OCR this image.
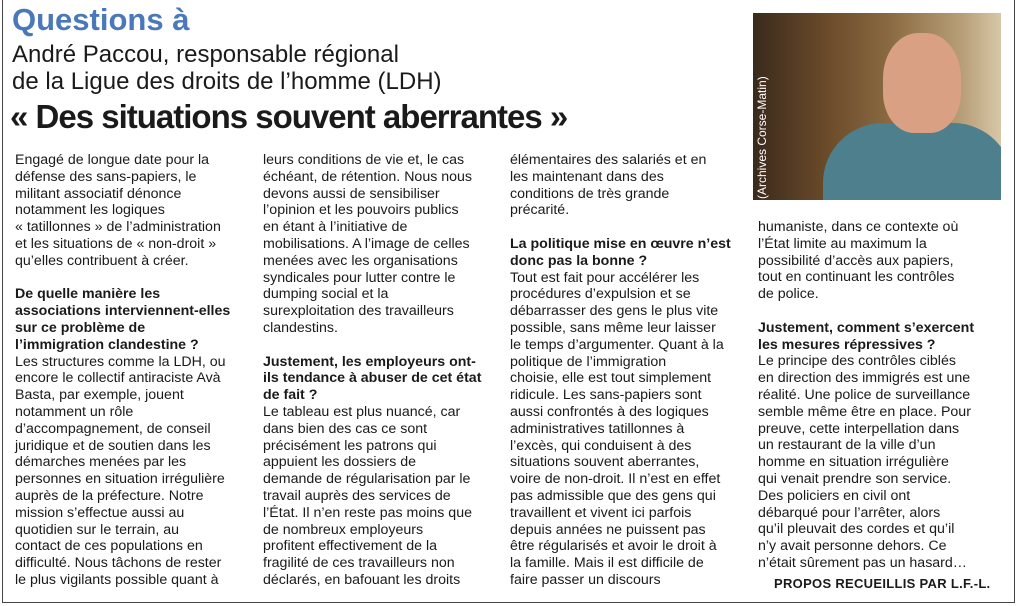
Questions à
André Paccou, responsable régional
de la Ligue des droits de l’homme (LDH)
« Des situations souvent aberrantes »	(Archives Corse-Matin)
Engagé de longue date pour la
défense des sans-papiers, le
militant associatif dénonce
notamment les logiques
« tatillonnes » de l’administration
et les situations de « non-droit »
qu’elles contribuent à créer.
De quelle manière les
associations interviennent-elles
sur ce problème de
l’immigration clandestine ?
Les structures comme la LDH, ou
encore le collectif antiraciste Avà
Basta, par exemple, jouent
notamment un rôle
d’accompagnement, de conseil
juridique et de soutien dans les
démarches menées par les
personnes en situation irrégulière
auprès de la préfecture. Notre
mission s’effectue aussi au
quotidien sur le terrain, au
contact de ces populations en
difficulté. Nous tâchons de rester
le plus vigilants possible quant à
leurs conditions de vie et, le cas
échéant, de rétention. Nous nous
devons aussi de sensibiliser
l’opinion et les pouvoirs publics
en étant à l’initiative de
mobilisations. A l’image de celles
menées avec les organisations
syndicales pour lutter contre le
dumping social et la
surexploitation des travailleurs
clandestins.
Justement, les employeurs ont-
ils tendance à abuser de cet état
de fait ?
Le tableau est plus nuancé, car
dans bien des cas ce sont
précisément les patrons qui
appuient les dossiers de
demande de régularisation par le
travail auprès des services de
l’État. Il n’en reste pas moins que
de nombreux employeurs
profitent effectivement de la
fragilité de ces travailleurs non
déclarés, en bafouant les droits
élémentaires des salariés et en
les maintenant dans des
conditions de très grande
précarité.
La politique mise en œuvre n’est
donc pas la bonne ?
Tout est fait pour accélérer les
procédures d’expulsion et se
débarrasser des gens le plus vite
possible, sans même leur laisser
le temps d’argumenter. Quant à la
politique de l’immigration
choisie, elle est tout simplement
ridicule. Les sans-papiers sont
aussi confrontés à des logiques
administratives tatillonnes à
l’excès, qui conduisent à des
situations souvent aberrantes,
voire de non-droit. Il n’est en effet
pas admissible que des gens qui
travaillent et vivent ici parfois
depuis années ne puissent pas
être régularisés et avoir le droit à
la famille. Mais il est difficile de
faire passer un discours
humaniste, dans ce contexte où
l’État limite au maximum la
possibilité d’accès aux papiers,
tout en continuant les contrôles
de police.
Justement, comment s’exercent
les mesures répressives ?
Le principe des contrôles ciblés
en direction des immigrés est une
réalité. Une police de surveillance
semble même être en place. Pour
preuve, cette interpellation dans
un restaurant de la ville d’un
homme en situation irrégulière
qui venait prendre son service.
Des policiers en civil ont
débarqué pour l’arrêter, alors
qu’il pleuvait des cordes et qu’il
n’y avait personne dehors. Ce
n’était sûrement pas un hasard…
PROPOS RECUEILLIS PAR L.F.-L.
